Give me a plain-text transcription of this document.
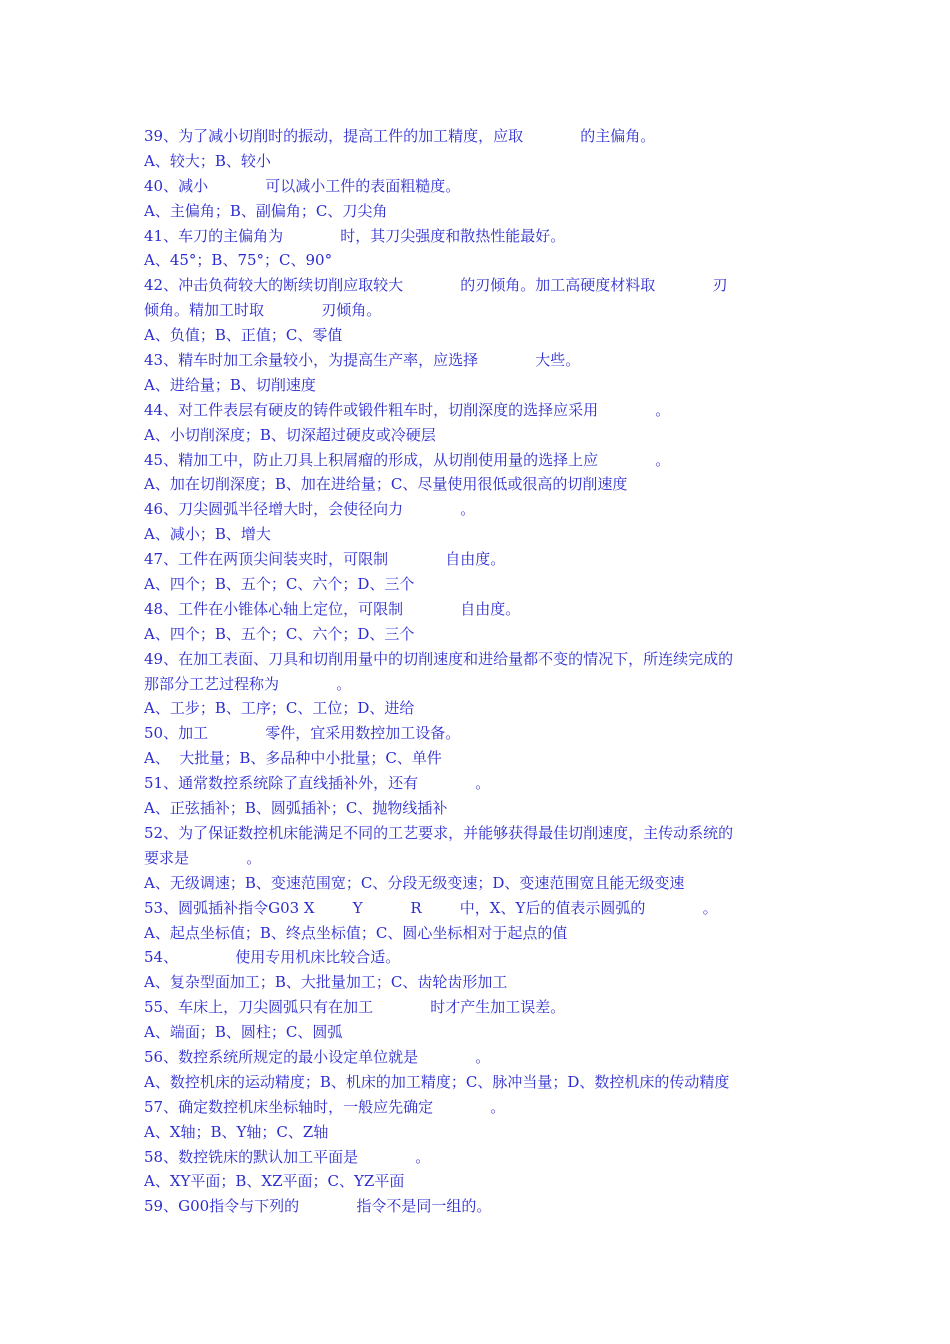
39、为了减小切削时的振动，提高工件的加工精度，应取            的主偏角。
A、较大；B、较小
40、减小            可以减小工件的表面粗糙度。
A、主偏角；B、副偏角；C、刀尖角
41、车刀的主偏角为            时，其刀尖强度和散热性能最好。
A、45°；B、75°；C、90°
42、冲击负荷较大的断续切削应取较大            的刃倾角。加工高硬度材料取            刃
倾角。精加工时取            刃倾角。
A、负值；B、正值；C、零值
43、精车时加工余量较小，为提高生产率，应选择            大些。
A、进给量；B、切削速度
44、对工件表层有硬皮的铸件或锻件粗车时，切削深度的选择应采用            。
A、小切削深度；B、切深超过硬皮或冷硬层
45、精加工中，防止刀具上积屑瘤的形成，从切削使用量的选择上应            。
A、加在切削深度；B、加在进给量；C、尽量使用很低或很高的切削速度
46、刀尖圆弧半径增大时，会使径向力            。
A、减小；B、增大
47、工件在两顶尖间装夹时，可限制            自由度。
A、四个；B、五个；C、六个；D、三个
48、工件在小锥体心轴上定位，可限制            自由度。
A、四个；B、五个；C、六个；D、三个
49、在加工表面、刀具和切削用量中的切削速度和进给量都不变的情况下，所连续完成的
那部分工艺过程称为            。
A、工步；B、工序；C、工位；D、进给
50、加工            零件，宜采用数控加工设备。
A、  大批量；B、多品种中小批量；C、单件
51、通常数控系统除了直线插补外，还有            。
A、正弦插补；B、圆弧插补；C、抛物线插补
52、为了保证数控机床能满足不同的工艺要求，并能够获得最佳切削速度，主传动系统的
要求是            。
A、无级调速；B、变速范围宽；C、分段无级变速；D、变速范围宽且能无级变速
53、圆弧插补指令G03 X        Y          R        中，X、Y后的值表示圆弧的            。
A、起点坐标值；B、终点坐标值；C、圆心坐标相对于起点的值
54、            使用专用机床比较合适。
A、复杂型面加工；B、大批量加工；C、齿轮齿形加工
55、车床上，刀尖圆弧只有在加工            时才产生加工误差。
A、端面；B、圆柱；C、圆弧
56、数控系统所规定的最小设定单位就是            。
A、数控机床的运动精度；B、机床的加工精度；C、脉冲当量；D、数控机床的传动精度
57、确定数控机床坐标轴时，一般应先确定            。
A、X轴；B、Y轴；C、Z轴
58、数控铣床的默认加工平面是            。
A、XY平面；B、XZ平面；C、YZ平面
59、G00指令与下列的            指令不是同一组的。
